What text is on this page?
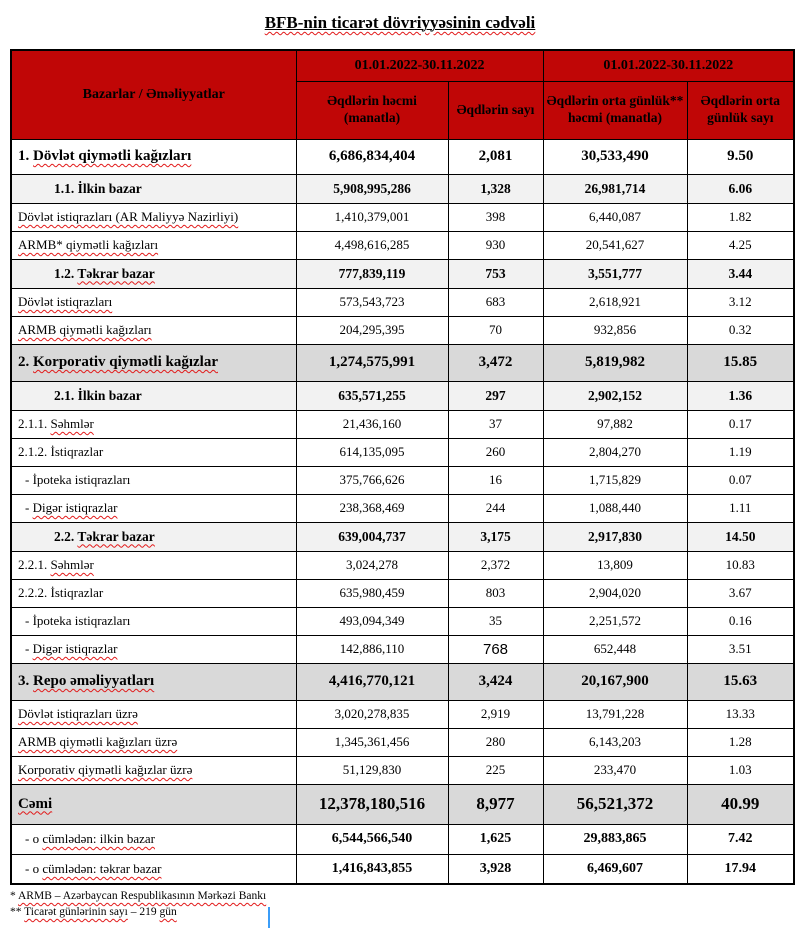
BFB-nin ticarət dövriyyəsinin cədvəli
Bazarlar / Əməliyyatlar	01.01.2022-30.11.2022		01.01.2022-30.11.2022	
	Əqdlərin həcmi (manatla)	Əqdlərin sayı	Əqdlərin orta günlük** həcmi (manatla)	Əqdlərin orta günlük sayı
1. Dövlət qiymətli kağızları	6,686,834,404	2,081	30,533,490	9.50
1.1. İlkin bazar	5,908,995,286	1,328	26,981,714	6.06
Dövlət istiqrazları (AR Maliyyə Nazirliyi)	1,410,379,001	398	6,440,087	1.82
ARMB* qiymətli kağızları	4,498,616,285	930	20,541,627	4.25
1.2. Təkrar bazar	777,839,119	753	3,551,777	3.44
Dövlət istiqrazları	573,543,723	683	2,618,921	3.12
ARMB qiymətli kağızları	204,295,395	70	932,856	0.32
2. Korporativ qiymətli kağızlar	1,274,575,991	3,472	5,819,982	15.85
2.1. İlkin bazar	635,571,255	297	2,902,152	1.36
2.1.1. Səhmlər	21,436,160	37	97,882	0.17
2.1.2. İstiqrazlar	614,135,095	260	2,804,270	1.19
- İpoteka istiqrazları	375,766,626	16	1,715,829	0.07
- Digər istiqrazlar	238,368,469	244	1,088,440	1.11
2.2. Təkrar bazar	639,004,737	3,175	2,917,830	14.50
2.2.1. Səhmlər	3,024,278	2,372	13,809	10.83
2.2.2. İstiqrazlar	635,980,459	803	2,904,020	3.67
- İpoteka istiqrazları	493,094,349	35	2,251,572	0.16
- Digər istiqrazlar	142,886,110	768	652,448	3.51
3. Repo əməliyyatları	4,416,770,121	3,424	20,167,900	15.63
Dövlət istiqrazları üzrə	3,020,278,835	2,919	13,791,228	13.33
ARMB qiymətli kağızları üzrə	1,345,361,456	280	6,143,203	1.28
Korporativ qiymətli kağızlar üzrə	51,129,830	225	233,470	1.03
Cəmi	12,378,180,516	8,977	56,521,372	40.99
- o cümlədən: ilkin bazar	6,544,566,540	1,625	29,883,865	7.42
- o cümlədən: təkrar bazar	1,416,843,855	3,928	6,469,607	17.94
* ARMB – Azərbaycan Respublikasının Mərkəzi Bankı
** Ticarət günlərinin sayı – 219 gün
